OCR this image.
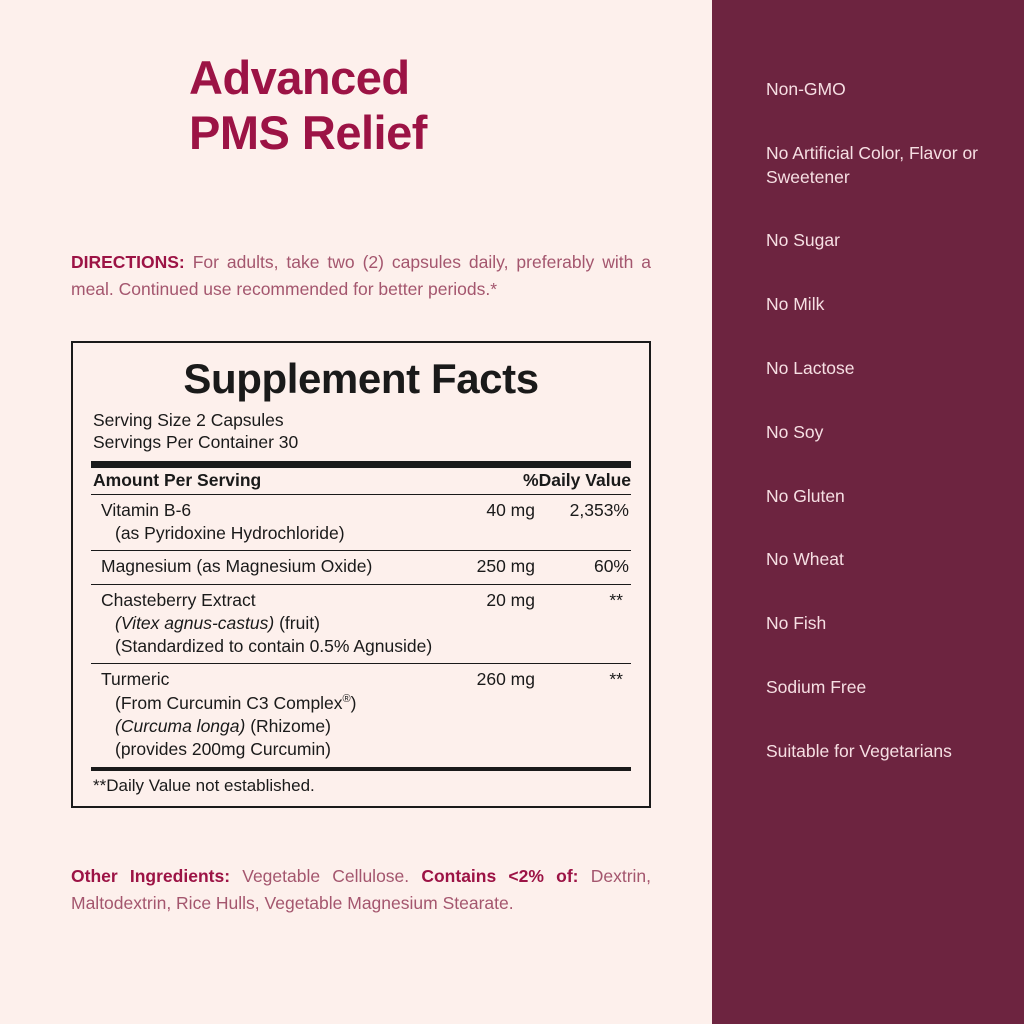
Advanced
PMS Relief
DIRECTIONS: For adults, take two (2) capsules daily, preferably with a meal. Continued use recommended for better periods.*
Supplement Facts
Serving Size 2 Capsules
Servings Per Container 30
Amount Per Serving	%Daily Value
Vitamin B-6
(as Pyridoxine Hydrochloride)
40 mg 2,353%
Magnesium (as Magnesium Oxide)	250 mg	60%
Chasteberry Extract
(Vitex agnus-castus) (fruit)
(Standardized to contain 0.5% Agnuside)
20 mg	**
Turmeric
(From Curcumin C3 Complex®)
(Curcuma longa) (Rhizome)
(provides 200mg Curcumin)
260 mg	**
**Daily Value not established.
Other Ingredients: Vegetable Cellulose. Contains <2% of: Dextrin, Maltodextrin, Rice Hulls, Vegetable Magnesium Stearate.
Non-GMO
No Artificial Color, Flavor or Sweetener
No Sugar
No Milk
No Lactose
No Soy
No Gluten
No Wheat
No Fish
Sodium Free
Suitable for Vegetarians
